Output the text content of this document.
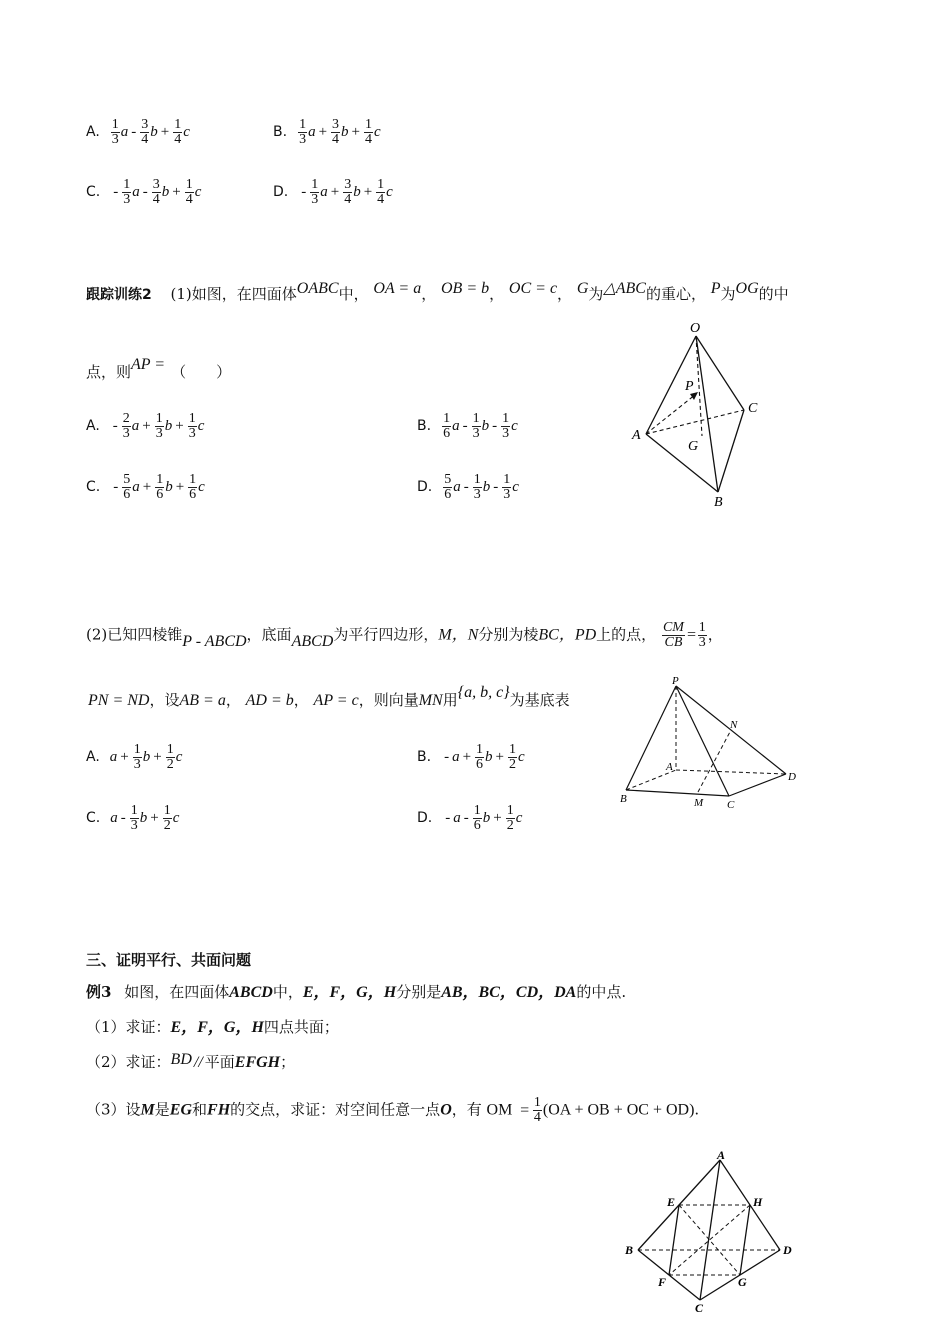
A. $\frac{1}{3}$ a - $\frac{3}{4}$ $b + \frac{1}{4}$ c	B. $\frac{1}{3}$ $a + \frac{3}{4}$ $b + \frac{1}{4}$ c
C. - $\frac{1}{3}$ a - $\frac{3}{4}$ $b + \frac{1}{4}$ c	D. - $\frac{1}{3}$ $a + \frac{3}{4}$ $b + \frac{1}{4}$ c
跟踪训练2 (1)如图，在四面体OABC中， OA = a， OB = b， OC = c， G为△ABC的重心， P为OG的中
点，则AP = （　　）
A. - $\frac{2}{3}$ $a + \frac{1}{3}$ $b + \frac{1}{3}$ c	B. $\frac{1}{6}$ a - $\frac{1}{3}$ b - $\frac{1}{3}$ c
C. - $\frac{5}{6}$ $a + \frac{1}{6}$ $b + \frac{1}{6}$ c	D. $\frac{5}{6}$ a - $\frac{1}{3}$ b - $\frac{1}{3}$ c
O
A
B
C
P
G
(2)已知四棱锥P - ABCD，底面ABCD为平行四边形，M，N分别为棱BC，PD上的点， $\frac{CM}{CB} = \frac{1}{3}$ ，
PN = ND，设AB = a， AD = b， AP = c，则向量MN用{a, b, c}为基底表
A. $a + \frac{1}{3}$ $b + \frac{1}{2}$ c	B. - $a + \frac{1}{6}$ $b + \frac{1}{2}$ c
C. a - $\frac{1}{3}$ $b + \frac{1}{2}$ c	D. - a - $\frac{1}{6}$ $b + \frac{1}{2}$ c
P
A
B	C
D
M
N
三、证明平行、共面问题
例3 如图，在四面体ABCD中，E，F，G，H分别是AB，BC，CD，DA的中点.
（1）求证：E，F，G，H四点共面；
（2）求证：BD // 平面EFGH；
（3）设M是EG和FH的交点，求证：对空间任意一点O，有 OM = $\frac{1}{4} (OA$ + OB + OC + OD).
A
B
C
D
E
F	G
H
